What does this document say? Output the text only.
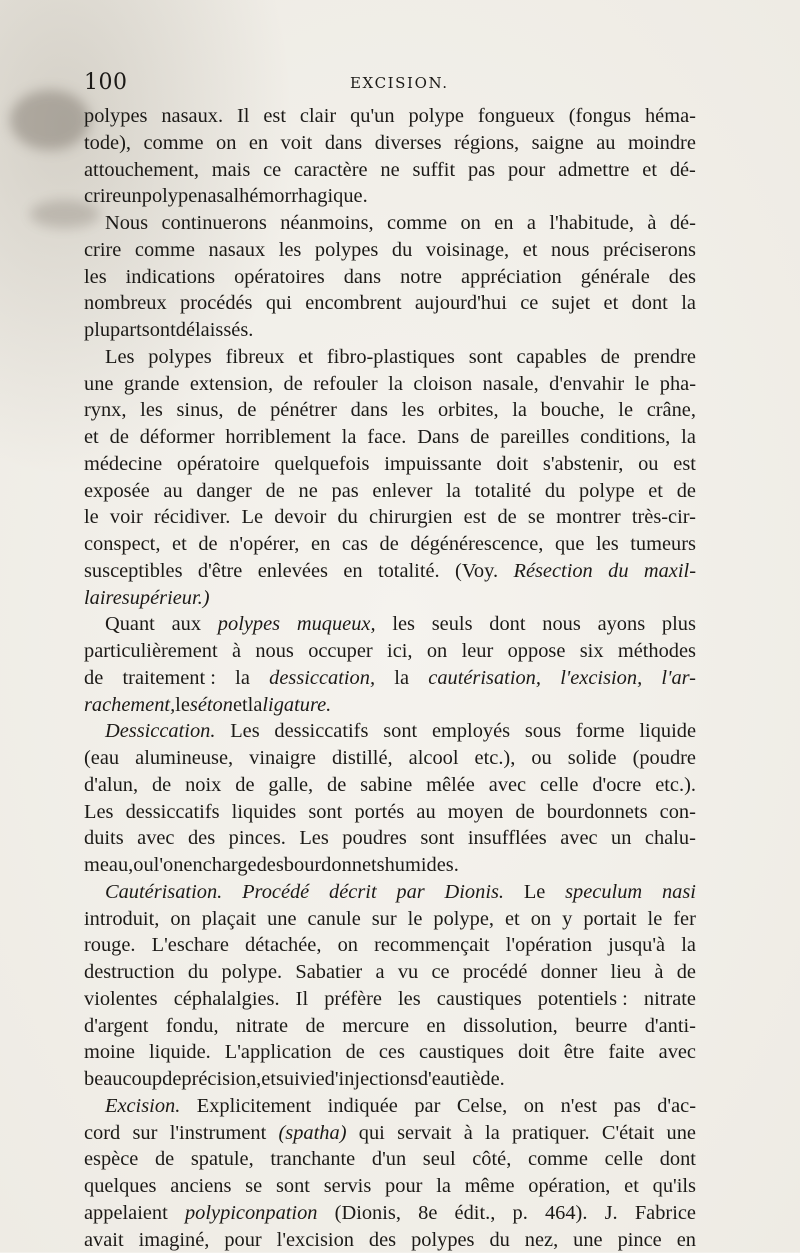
100	EXCISION.
polypes nasaux. Il est clair qu'un polype fongueux (fongus héma-
tode), comme on en voit dans diverses régions, saigne au moindre
attouchement, mais ce caractère ne suffit pas pour admettre et dé-
crire un polype nasal hémorrhagique.
Nous continuerons néanmoins, comme on en a l'habitude, à dé-
crire comme nasaux les polypes du voisinage, et nous préciserons
les indications opératoires dans notre appréciation générale des
nombreux procédés qui encombrent aujourd'hui ce sujet et dont la
plupart sont délaissés.
Les polypes fibreux et fibro-plastiques sont capables de prendre
une grande extension, de refouler la cloison nasale, d'envahir le pha-
rynx, les sinus, de pénétrer dans les orbites, la bouche, le crâne,
et de déformer horriblement la face. Dans de pareilles conditions, la
médecine opératoire quelquefois impuissante doit s'abstenir, ou est
exposée au danger de ne pas enlever la totalité du polype et de
le voir récidiver. Le devoir du chirurgien est de se montrer très-cir-
conspect, et de n'opérer, en cas de dégénérescence, que les tumeurs
susceptibles d'être enlevées en totalité. (Voy. Résection du maxil-
laire supérieur.)
Quant aux polypes muqueux, les seuls dont nous ayons plus
particulièrement à nous occuper ici, on leur oppose six méthodes
de traitement : la dessiccation, la cautérisation, l'excision, l'ar-
rachement, le séton et la ligature.
Dessiccation. Les dessiccatifs sont employés sous forme liquide
(eau alumineuse, vinaigre distillé, alcool etc.), ou solide (poudre
d'alun, de noix de galle, de sabine mêlée avec celle d'ocre etc.).
Les dessiccatifs liquides sont portés au moyen de bourdonnets con-
duits avec des pinces. Les poudres sont insufflées avec un chalu-
meau, ou l'on en charge des bourdonnets humides.
Cautérisation. Procédé décrit par Dionis. Le speculum nasi
introduit, on plaçait une canule sur le polype, et on y portait le fer
rouge. L'eschare détachée, on recommençait l'opération jusqu'à la
destruction du polype. Sabatier a vu ce procédé donner lieu à de
violentes céphalalgies. Il préfère les caustiques potentiels : nitrate
d'argent fondu, nitrate de mercure en dissolution, beurre d'anti-
moine liquide. L'application de ces caustiques doit être faite avec
beaucoup de précision, et suivie d'injections d'eau tiède.
Excision. Explicitement indiquée par Celse, on n'est pas d'ac-
cord sur l'instrument (spatha) qui servait à la pratiquer. C'était une
espèce de spatule, tranchante d'un seul côté, comme celle dont
quelques anciens se sont servis pour la même opération, et qu'ils
appelaient polypiconpation (Dionis, 8e édit., p. 464). J. Fabrice
avait imaginé, pour l'excision des polypes du nez, une pince en
